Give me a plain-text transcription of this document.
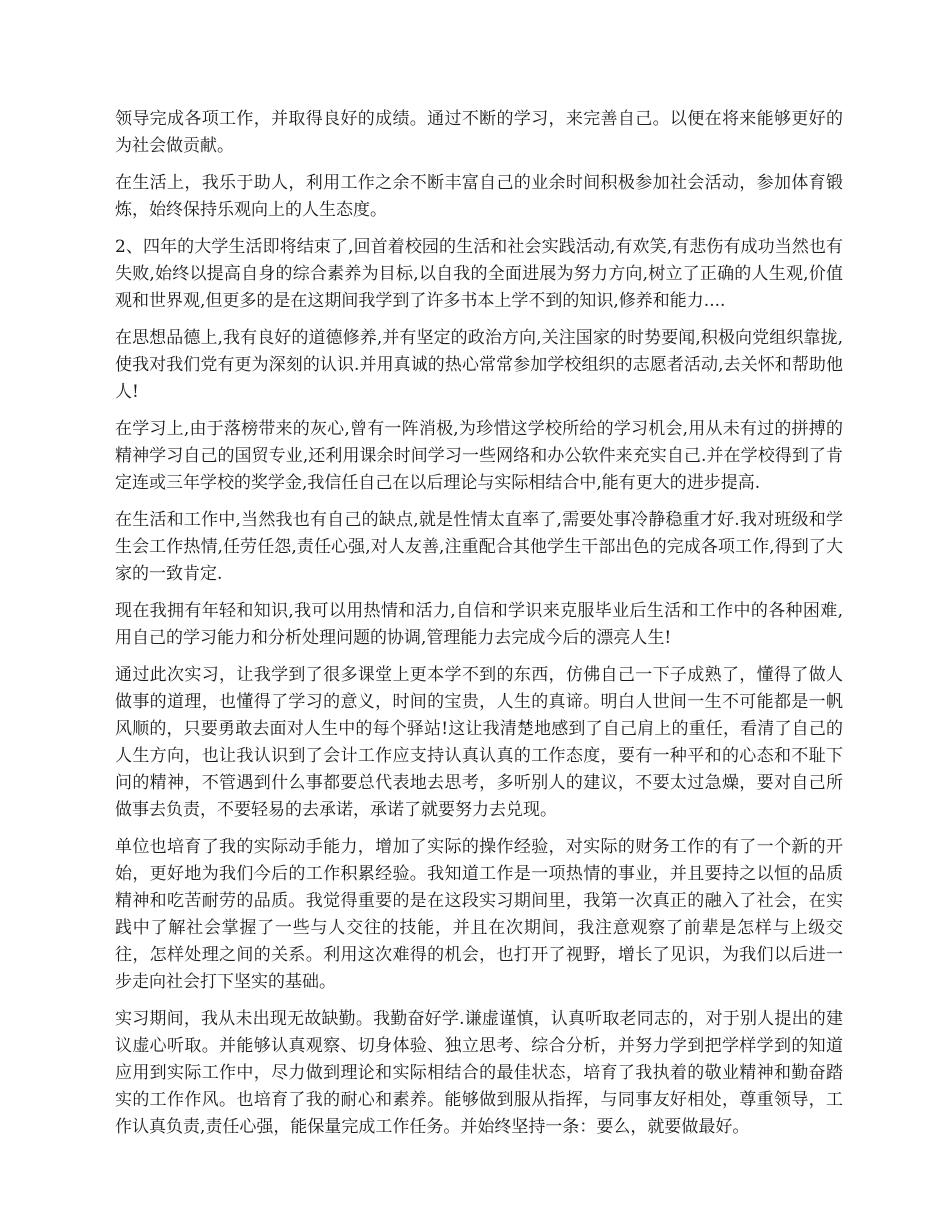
领导完成各项工作，并取得良好的成绩。通过不断的学习，来完善自己。以便在将来能够更好的为社会做贡献。

在生活上，我乐于助人，利用工作之余不断丰富自己的业余时间积极参加社会活动，参加体育锻炼，始终保持乐观向上的人生态度。

2、四年的大学生活即将结束了,回首着校园的生活和社会实践活动,有欢笑,有悲伤有成功当然也有失败,始终以提高自身的综合素养为目标,以自我的全面进展为努力方向,树立了正确的人生观,价值观和世界观,但更多的是在这期间我学到了许多书本上学不到的知识,修养和能力....

在思想品德上,我有良好的道德修养,并有坚定的政治方向,关注国家的时势要闻,积极向党组织靠拢,使我对我们党有更为深刻的认识.并用真诚的热心常常参加学校组织的志愿者活动,去关怀和帮助他人!

在学习上,由于落榜带来的灰心,曾有一阵消极,为珍惜这学校所给的学习机会,用从未有过的拼搏的精神学习自己的国贸专业,还利用课余时间学习一些网络和办公软件来充实自己.并在学校得到了肯定连或三年学校的奖学金,我信任自己在以后理论与实际相结合中,能有更大的进步提高.

在生活和工作中,当然我也有自己的缺点,就是性情太直率了,需要处事冷静稳重才好.我对班级和学生会工作热情,任劳任怨,责任心强,对人友善,注重配合其他学生干部出色的完成各项工作,得到了大家的一致肯定.

现在我拥有年轻和知识,我可以用热情和活力,自信和学识来克服毕业后生活和工作中的各种困难,用自己的学习能力和分析处理问题的协调,管理能力去完成今后的漂亮人生!

通过此次实习，让我学到了很多课堂上更本学不到的东西，仿佛自己一下子成熟了，懂得了做人做事的道理，也懂得了学习的意义，时间的宝贵，人生的真谛。明白人世间一生不可能都是一帆风顺的，只要勇敢去面对人生中的每个驿站!这让我清楚地感到了自己肩上的重任，看清了自己的人生方向，也让我认识到了会计工作应支持认真认真的工作态度，要有一种平和的心态和不耻下问的精神，不管遇到什么事都要总代表地去思考，多听别人的建议，不要太过急燥，要对自己所做事去负责，不要轻易的去承诺，承诺了就要努力去兑现。

单位也培育了我的实际动手能力，增加了实际的操作经验，对实际的财务工作的有了一个新的开始，更好地为我们今后的工作积累经验。我知道工作是一项热情的事业，并且要持之以恒的品质精神和吃苦耐劳的品质。我觉得重要的是在这段实习期间里，我第一次真正的融入了社会，在实践中了解社会掌握了一些与人交往的技能，并且在次期间，我注意观察了前辈是怎样与上级交往，怎样处理之间的关系。利用这次难得的机会，也打开了视野，增长了见识，为我们以后进一步走向社会打下坚实的基础。

实习期间，我从未出现无故缺勤。我勤奋好学.谦虚谨慎，认真听取老同志的，对于别人提出的建议虚心听取。并能够认真观察、切身体验、独立思考、综合分析，并努力学到把学样学到的知道应用到实际工作中，尽力做到理论和实际相结合的最佳状态，培育了我执着的敬业精神和勤奋踏实的工作作风。也培育了我的耐心和素养。能够做到服从指挥，与同事友好相处，尊重领导，工作认真负责,责任心强，能保量完成工作任务。并始终坚持一条：要么，就要做最好。
